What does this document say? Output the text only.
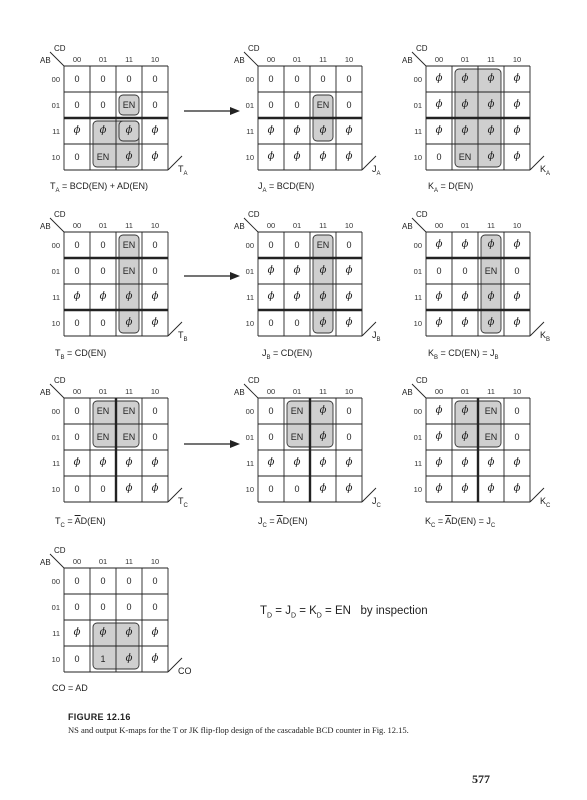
AB
CD
00	01	11	10
00
01
11
10
0	0	0	0
0	0	EN	0
ϕ	ϕ	ϕ	ϕ
0	EN	ϕ	ϕ
$T_A$
AB
CD
00	01	11	10
00
01
11
10
0	0	0	0
0	0	EN	0
ϕ	ϕ	ϕ	ϕ
ϕ	ϕ	ϕ	ϕ
$J_A$
AB
CD
00	01	11	10
00
01
11
10
ϕ	ϕ	ϕ	ϕ
ϕ	ϕ	ϕ	ϕ
ϕ	ϕ	ϕ	ϕ
0	EN	ϕ	ϕ
$K_A$
AB
CD
00	01	11	10
00
01
11
10
0	0	EN	0
0	0	EN	0
ϕ	ϕ	ϕ	ϕ
0	0	ϕ	ϕ
$T_B$
AB
CD
00	01	11	10
00
01
11
10
0	0	EN	0
ϕ	ϕ	ϕ	ϕ
ϕ	ϕ	ϕ	ϕ
0	0	ϕ	ϕ
$J_B$
AB
CD
00	01	11	10
00
01
11
10
ϕ	ϕ	ϕ	ϕ
0	0	EN	0
ϕ	ϕ	ϕ	ϕ
ϕ	ϕ	ϕ	ϕ
$K_B$
AB
CD
00	01	11	10
00
01
11
10
0	EN	EN	0
0	EN	EN	0
ϕ	ϕ	ϕ	ϕ
0	0	ϕ	ϕ
$T_C$
AB
CD
00	01	11	10
00
01
11
10
0	EN	ϕ	0
0	EN	ϕ	0
ϕ	ϕ	ϕ	ϕ
0	0	ϕ	ϕ
$J_C$
AB
CD
00	01	11	10
00
01
11
10
ϕ	ϕ	EN	0
ϕ	ϕ	EN	0
ϕ	ϕ	ϕ	ϕ
ϕ	ϕ	ϕ	ϕ
$K_C$
AB
CD
00	01	11	10
00
01
11
10
0	0	0	0
0	0	0	0
ϕ	ϕ	ϕ	ϕ
0	1	ϕ	ϕ
CO
$T_A = BCD(EN) + AD(EN)$	$J_A = BCD(EN)$	$K_A = D(EN)$
$T_B = CD(EN)$	$J_B = CD(EN)$	$K_B = CD(EN) = J_B$
$T_C = \overline{A}D(EN)$	$J_C = \overline{A}D(EN)$	$K_C = \overline{A}D(EN) = J_C$
CO = AD
$T_D = J_D = K_D$ = EN   by inspection
FIGURE 12.16
NS and output K-maps for the T or JK flip-flop design of the cascadable BCD counter in Fig. 12.15.
577
